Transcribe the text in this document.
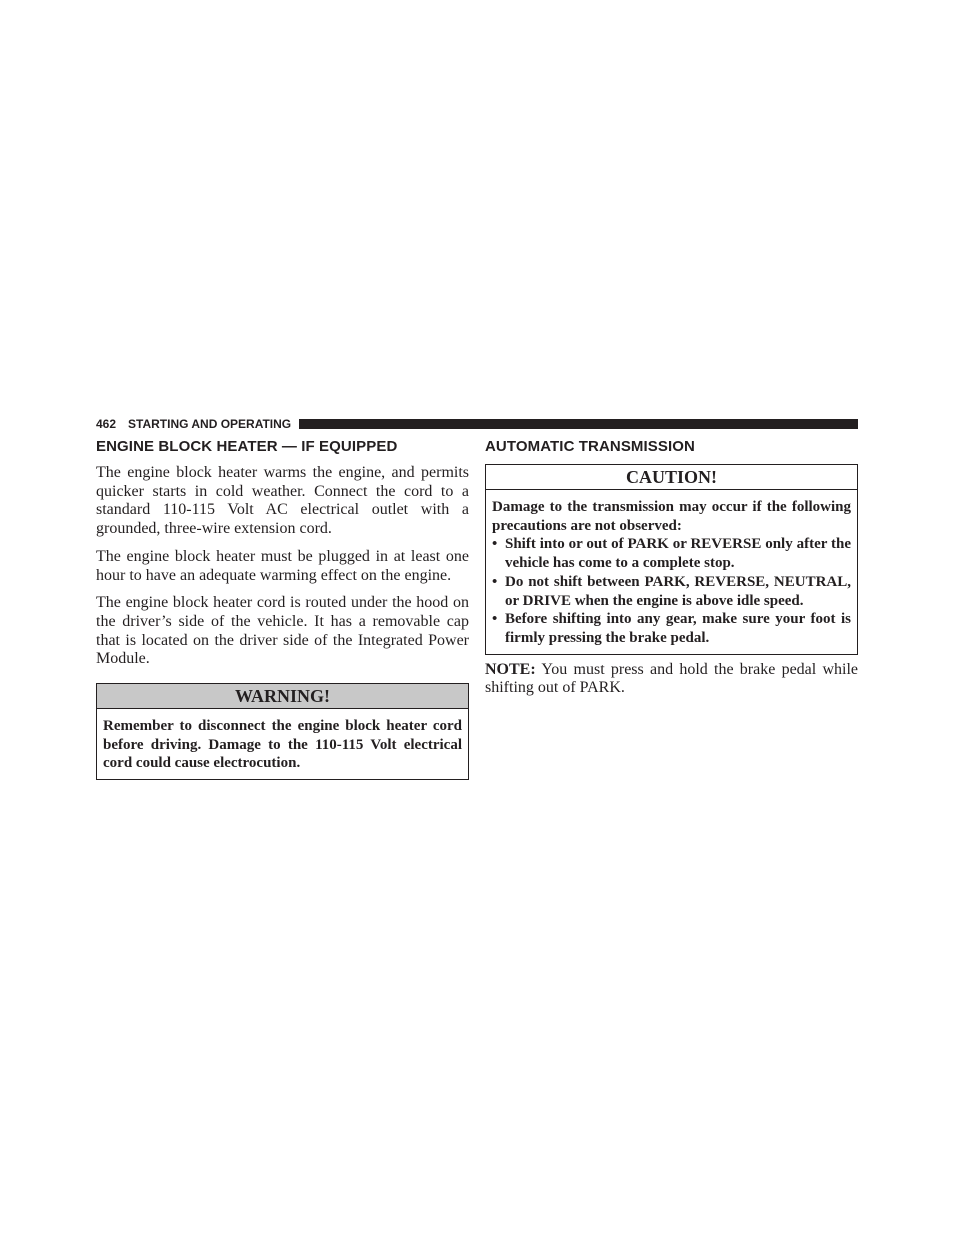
462 STARTING AND OPERATING
ENGINE BLOCK HEATER — IF EQUIPPED

The engine block heater warms the engine, and permits quicker starts in cold weather. Connect the cord to a standard 110-115 Volt AC electrical outlet with a grounded, three-wire extension cord.

The engine block heater must be plugged in at least one hour to have an adequate warming effect on the engine.

The engine block heater cord is routed under the hood on the driver’s side of the vehicle. It has a removable cap that is located on the driver side of the Integrated Power Module.

WARNING!
Remember to disconnect the engine block heater cord before driving. Damage to the 110-115 Volt electrical cord could cause electrocution.
AUTOMATIC TRANSMISSION
CAUTION!
Damage to the transmission may occur if the following precautions are not observed:
• Shift into or out of PARK or REVERSE only after the vehicle has come to a complete stop.
• Do not shift between PARK, REVERSE, NEUTRAL, or DRIVE when the engine is above idle speed.
• Before shifting into any gear, make sure your foot is firmly pressing the brake pedal.
NOTE: You must press and hold the brake pedal while shifting out of PARK.
